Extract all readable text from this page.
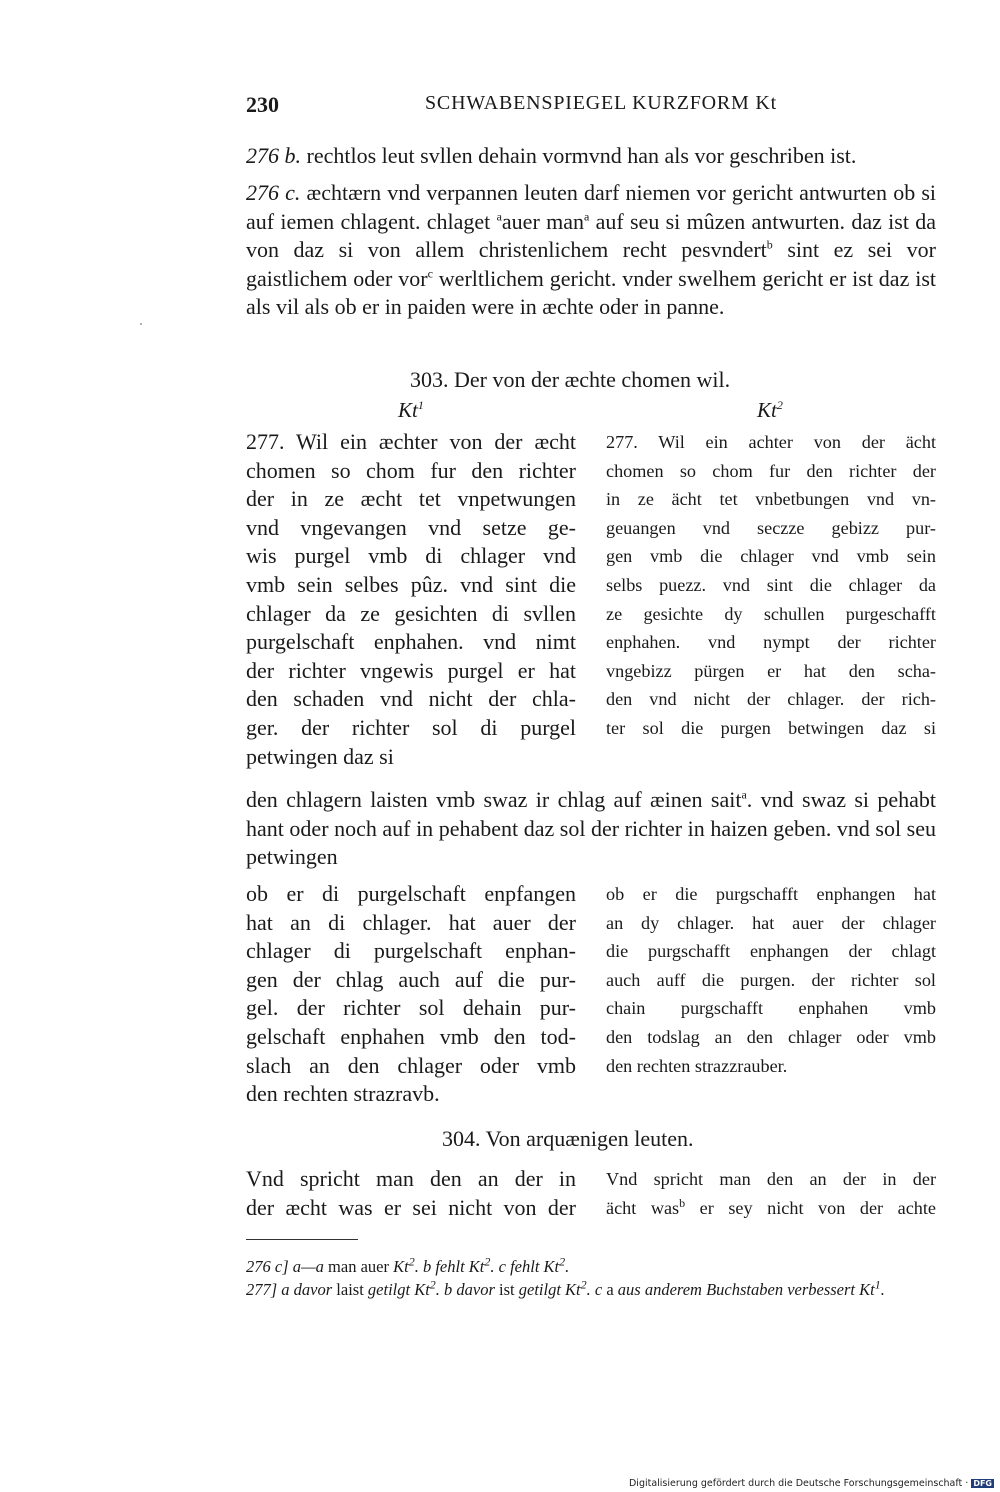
230	SCHWABENSPIEGEL KURZFORM Kt
276 b. rechtlos leut svllen dehain vormvnd han als vor geschriben ist.
276 c. æchtærn vnd verpannen leuten darf niemen vor gericht antwurten ob si auf iemen chlagent. chlaget $^a$auer man$^a$ auf seu si mûzen antwurten. daz ist da von daz si von allem christenlichem recht pesvndert$^b$ sint ez sei vor gaistlichem oder vor$^c$ werltlichem gericht. vnder swelhem gericht er ist daz ist als vil als ob er in paiden were in æchte oder in panne.
303. Der von der æchte chomen wil.
Kt$^1$	Kt$^2$
277. Wil ein æchter von der æcht
chomen so chom fur den richter
der in ze æcht tet vnpetwungen
vnd vngevangen vnd setze ge-
wis purgel vmb di chlager vnd
vmb sein selbes pûz. vnd sint die
chlager da ze gesichten di svllen
purgelschaft enphahen. vnd nimt
der richter vngewis purgel er hat
den schaden vnd nicht der chla-
ger. der richter sol di purgel
petwingen daz si
277. Wil ein achter von der ächt
chomen so chom fur den richter der
in ze ächt tet vnbetbungen vnd vn-
geuangen vnd seczze gebizz pur-
gen vmb die chlager vnd vmb sein
selbs puezz. vnd sint die chlager da
ze gesichte dy schullen purgeschafft
enphahen. vnd nympt der richter
vngebizz pürgen er hat den scha-
den vnd nicht der chlager. der rich-
ter sol die purgen betwingen daz si
den chlagern laisten vmb swaz ir chlag auf æinen sait$^a$. vnd swaz si pehabt hant oder noch auf in pehabent daz sol der richter in haizen geben. vnd sol seu petwingen
ob er di purgelschaft enpfangen
hat an di chlager. hat auer der
chlager di purgelschaft enphan-
gen der chlag auch auf die pur-
gel. der richter sol dehain pur-
gelschaft enphahen vmb den tod-
slach an den chlager oder vmb
den rechten strazravb.
ob er die purgschafft enphangen hat
an dy chlager. hat auer der chlager
die purgschafft enphangen der chlagt
auch auff die purgen. der richter sol
chain purgschafft enphahen vmb
den todslag an den chlager oder vmb
den rechten strazzrauber.
304. Von arquænigen leuten.
Vnd spricht man den an der in
der æcht was er sei nicht von der
Vnd spricht man den an der in der
ächt was$^b$ er sey nicht von der achte
276 c] a—a man auer Kt$^2$. b fehlt Kt$^2$. c fehlt Kt$^2$.
277] a davor laist getilgt Kt$^2$. b davor ist getilgt Kt$^2$. c a aus anderem Buchstaben verbessert Kt$^1$.
Digitalisierung gefördert durch die Deutsche Forschungsgemeinschaft · DFG
